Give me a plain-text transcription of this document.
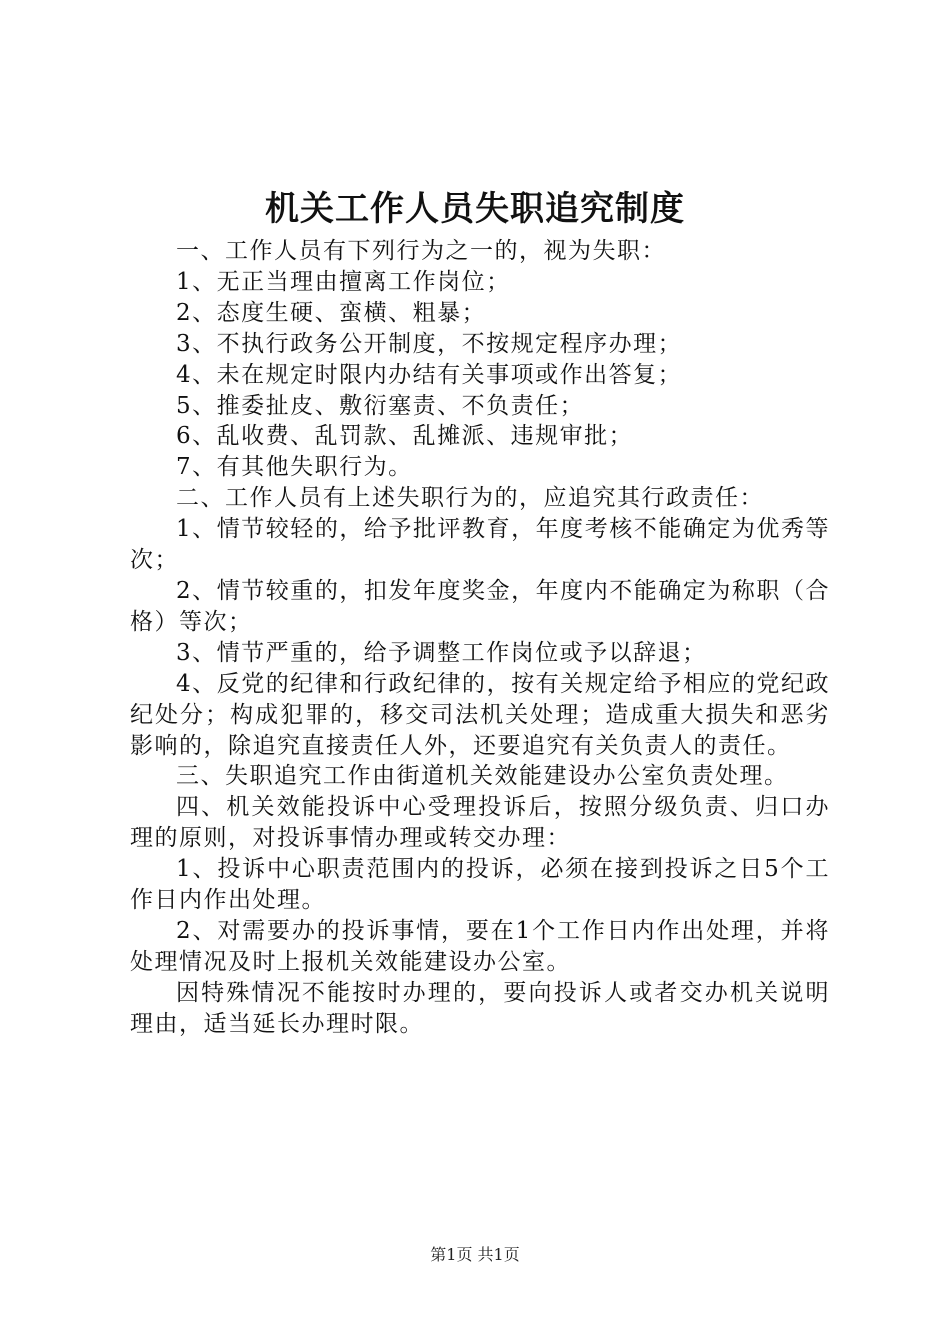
机关工作人员失职追究制度

一、工作人员有下列行为之一的，视为失职：

1、无正当理由擅离工作岗位；

2、态度生硬、蛮横、粗暴；

3、不执行政务公开制度，不按规定程序办理；

4、未在规定时限内办结有关事项或作出答复；

5、推委扯皮、敷衍塞责、不负责任；

6、乱收费、乱罚款、乱摊派、违规审批；

7、有其他失职行为。

二、工作人员有上述失职行为的，应追究其行政责任：

1、情节较轻的，给予批评教育，年度考核不能确定为优秀等次；

2、情节较重的，扣发年度奖金，年度内不能确定为称职（合格）等次；

3、情节严重的，给予调整工作岗位或予以辞退；

4、反党的纪律和行政纪律的，按有关规定给予相应的党纪政纪处分；构成犯罪的，移交司法机关处理；造成重大损失和恶劣影响的，除追究直接责任人外，还要追究有关负责人的责任。

三、失职追究工作由街道机关效能建设办公室负责处理。

四、机关效能投诉中心受理投诉后，按照分级负责、归口办理的原则，对投诉事情办理或转交办理：

1、投诉中心职责范围内的投诉，必须在接到投诉之日5个工作日内作出处理。

2、对需要办的投诉事情，要在1个工作日内作出处理，并将处理情况及时上报机关效能建设办公室。

因特殊情况不能按时办理的，要向投诉人或者交办机关说明理由，适当延长办理时限。

第1页 共1页
